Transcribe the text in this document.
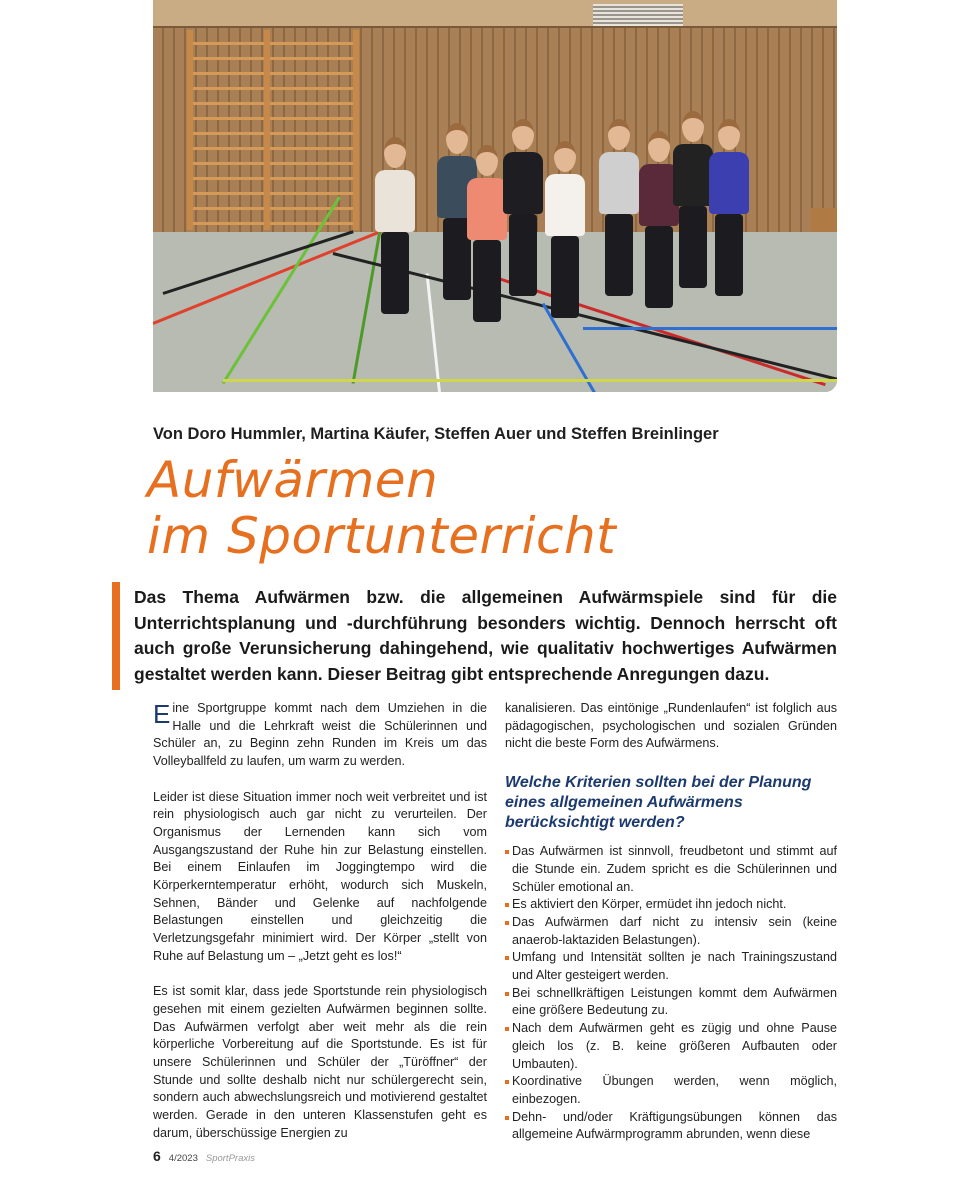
Von Doro Hummler, Martina Käufer, Steffen Auer und Steffen Breinlinger

Aufwärmen
im Sportunterricht

Das Thema Aufwärmen bzw. die allgemeinen Aufwärmspiele sind für die Unterrichtsplanung und -durchführung besonders wichtig. Dennoch herrscht oft auch große Verunsicherung dahingehend, wie qualitativ hochwertiges Aufwärmen gestaltet werden kann. Dieser Beitrag gibt entsprechende Anregungen dazu.

Eine Sportgruppe kommt nach dem Umziehen in die Halle und die Lehrkraft weist die Schülerinnen und Schüler an, zu Beginn zehn Runden im Kreis um das Volleyballfeld zu laufen, um warm zu werden.

Leider ist diese Situation immer noch weit verbreitet und ist rein physiologisch auch gar nicht zu verurteilen. Der Organismus der Lernenden kann sich vom Ausgangszustand der Ruhe hin zur Belastung einstellen. Bei einem Einlaufen im Joggingtempo wird die Körperkerntemperatur erhöht, wodurch sich Muskeln, Sehnen, Bänder und Gelenke auf nachfolgende Belastungen einstellen und gleichzeitig die Verletzungsgefahr minimiert wird. Der Körper „stellt von Ruhe auf Belastung um – „Jetzt geht es los!“

Es ist somit klar, dass jede Sportstunde rein physiologisch gesehen mit einem gezielten Aufwärmen beginnen sollte. Das Aufwärmen verfolgt aber weit mehr als die rein körperliche Vorbereitung auf die Sportstunde. Es ist für unsere Schülerinnen und Schüler der „Türöffner“ der Stunde und sollte deshalb nicht nur schülergerecht sein, sondern auch abwechslungsreich und motivierend gestaltet werden. Gerade in den unteren Klassenstufen geht es darum, überschüssige Energien zu

kanalisieren. Das eintönige „Rundenlaufen“ ist folglich aus pädagogischen, psychologischen und sozialen Gründen nicht die beste Form des Aufwärmens.

Welche Kriterien sollten bei der Planung eines allgemeinen Aufwärmens berücksichtigt werden?
Das Aufwärmen ist sinnvoll, freudbetont und stimmt auf die Stunde ein. Zudem spricht es die Schülerinnen und Schüler emotional an.
Es aktiviert den Körper, ermüdet ihn jedoch nicht.
Das Aufwärmen darf nicht zu intensiv sein (keine anaerob-laktaziden Belastungen).
Umfang und Intensität sollten je nach Trainingszustand und Alter gesteigert werden.
Bei schnellkräftigen Leistungen kommt dem Aufwärmen eine größere Bedeutung zu.
Nach dem Aufwärmen geht es zügig und ohne Pause gleich los (z. B. keine größeren Aufbauten oder Umbauten).
Koordinative Übungen werden, wenn möglich, einbezogen.
Dehn- und/oder Kräftigungsübungen können das allgemeine Aufwärmprogramm abrunden, wenn diese
6 4/2023 SportPraxis
